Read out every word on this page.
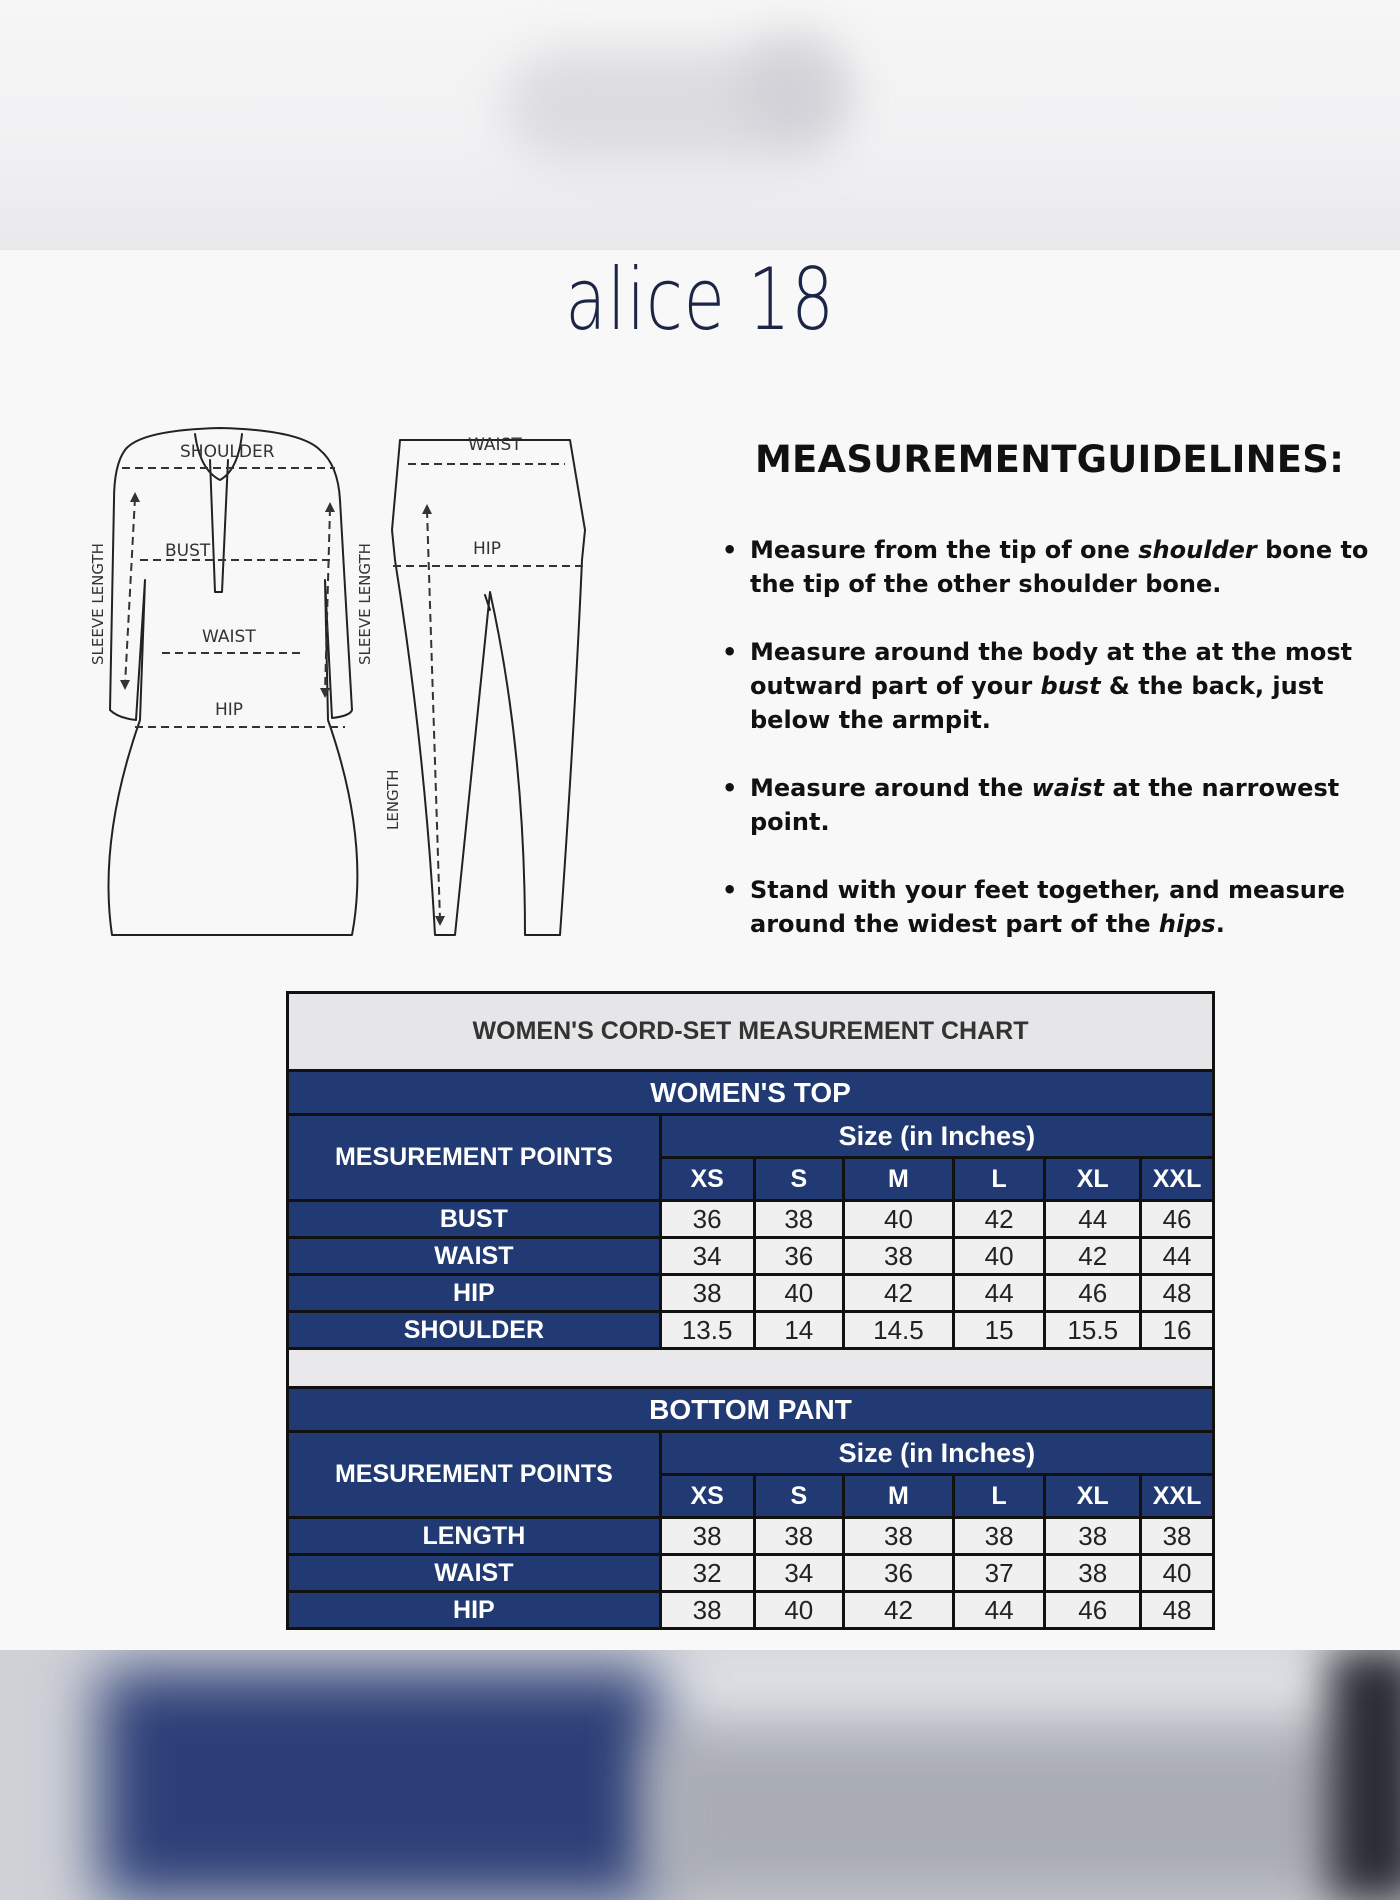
alice 18
SHOULDER
BUST
WAIST
HIP
WAIST
HIP
SLEEVE LENGTH	SLEEVE LENGTH
LENGTH
MEASUREMENTGUIDELINES:
• Measure from the tip of one shoulder bone to the tip of the other shoulder bone.
• Measure around the body at the at the most outward part of your bust & the back, just below the armpit.
• Measure around the waist at the narrowest point.
• Stand with your feet together, and measure around the widest part of the hips.
WOMEN'S CORD-SET MEASUREMENT CHART						
WOMEN'S TOP						
MESUREMENT POINTS	Size (in Inches)					
	XS	S	M	L	XL	XXL
BUST	36	38	40	42	44	46
WAIST	34	36	38	40	42	44
HIP	38	40	42	44	46	48
SHOULDER	13.5	14	14.5	15	15.5	16

BOTTOM PANT						
MESUREMENT POINTS	Size (in Inches)					
	XS	S	M	L	XL	XXL
LENGTH	38	38	38	38	38	38
WAIST	32	34	36	37	38	40
HIP	38	40	42	44	46	48
